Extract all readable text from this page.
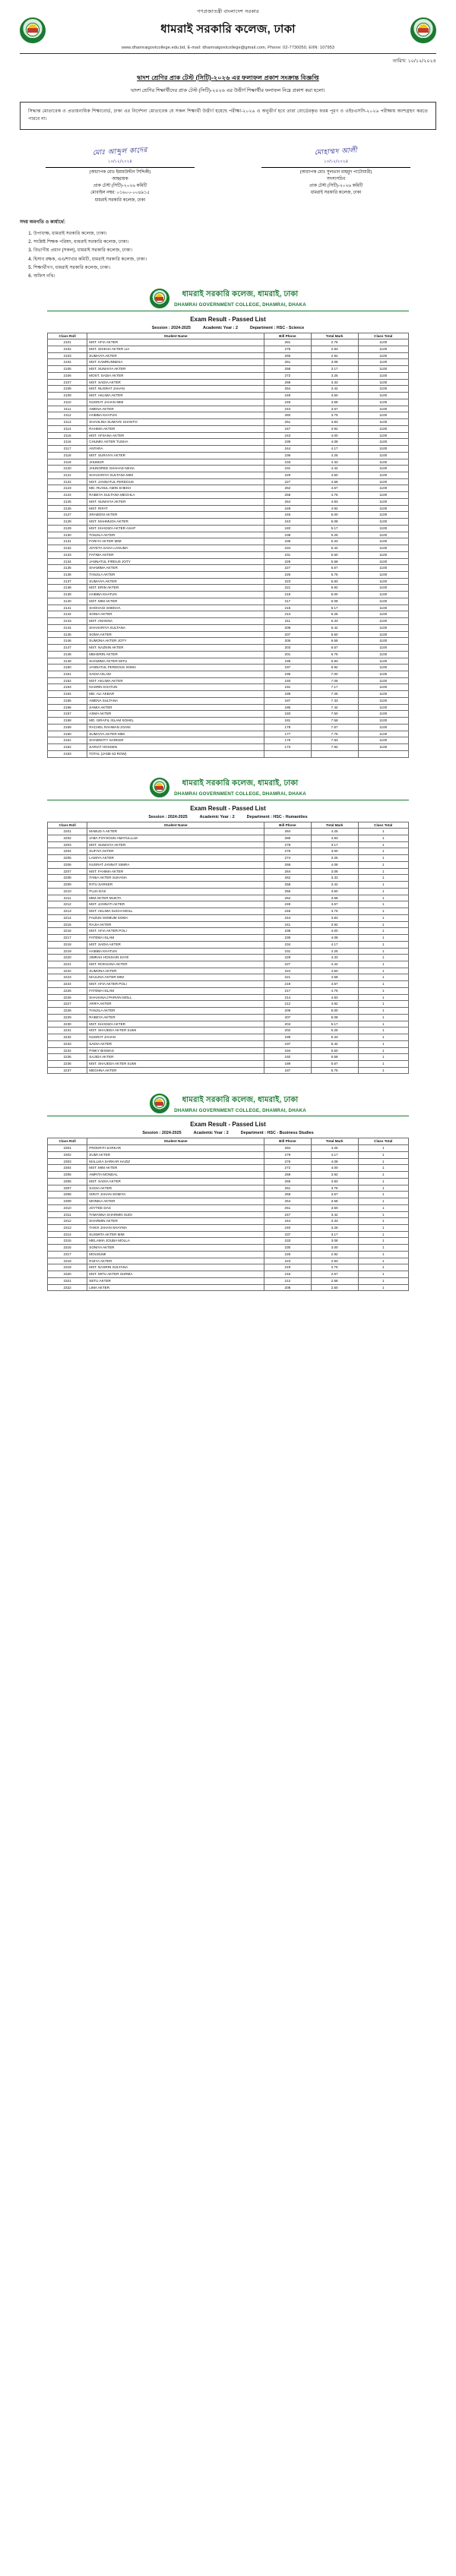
গণপ্রজাতন্ত্রী বাংলাদেশ সরকার
ধামরাই সরকারি কলেজ, ঢাকা
www.dhamraigovtcollege.edu.bd, E-mail: dhamraigovtcollege@gmail.com, Phone: 02-7730050, EIIN: 107953
তারিখ: ১০/১২/২০২৪
দ্বাদশ শ্রেণির প্রাক টেস্ট (সিটি)-২০২৬ এর ফলাফল প্রকাশ সংক্রান্ত বিজ্ঞপ্তি
দ্বাদশ শ্রেণির শিক্ষার্থীদের প্রাক টেস্ট (সিটি)-২০২৬ এর উত্তীর্ণ শিক্ষার্থীর ফলাফল নিম্নে প্রকাশ করা হলো।
সিদ্ধান্ত মোতাবেক ও প্রত্যয়নাধিক শিক্ষাবোর্ড, ঢাকা এর নির্দেশনা মোতাবেক যে সকল শিক্ষার্থী উত্তীর্ণ হয়েছে পরীক্ষা-২০২৬ এ অনুত্তীর্ণ হবে তারা বোর্ডেরকৃত ফরম পূরণ ও এইচএসসি-২০২৬ পরীক্ষায় অংশগ্রহণ করতে পারবে না।
মোঃ আব্দুল কাদের
১০/১২/২০২৪
(অধ্যাপক মোঃ ইমামউদ্দীন সিদ্দিকী)
আহ্বায়ক
প্রাক টেস্ট (সিটি)-২০২৬ কমিটি
মোবাইল নম্বর: ০১৬০০-০০৪৯১৫
ধামরাই সরকারি কলেজ, ঢাকা
মোহাম্মদ আলী
১০/১২/২০২৪
(অধ্যাপক মোঃ সুলতান মাহমুদ পাটোয়ারী)
সদস্যসচিব
প্রাক টেস্ট (সিটি)-২০২৬ কমিটি
ধামরাই সরকারি কলেজ, ঢাকা
সদয় অবগতি ও কার্যার্থে:
1. উপাধ্যক্ষ, ধামরাই সরকারি কলেজ, ঢাকা।
2. সংশ্লিষ্ট শিক্ষক পরিষদ, ধামরাই সরকারি কলেজ, ঢাকা।
3. বিভাগীয় প্রধান (সকল), ধামরাই সরকারি কলেজ, ঢাকা।
4. হিসাব রক্ষক, এএ/শাখার কমিটি, ধামরাই সরকারি কলেজ, ঢাকা।
5. শিক্ষার্থীগণ, ধামরাই সরকারি কলেজ, ঢাকা।
6. অফিস নথি।
ধামরাই সরকারি কলেজ, ধামরাই, ঢাকা
DHAMRAI GOVERNMENT COLLEGE, DHAMRAI, DHAKA
Exam Result - Passed List
Session : 2024-2025	Academic Year : 2	Department : HSC - Science
Class Roll	Student Name	Bill Phone	Total Mark	Class Total
2101	MST. AFIA AKTER	281	2.75	1100
2102	MST. SHIKHA AKTER LIA	275	2.83	1100
2103	SUMAIYA AKTER	266	2.92	1100
2104	MST. KAMRUNNESA	261	3.08	1100
2105	MST. SUMAIYA AKTER	258	3.17	1100
2106	MOST. SADIA AKTER	272	3.25	1100
2107	MST. SADIA AKTER	268	3.33	1100
2108	MST. NUSRAT JAHAN	254	3.42	1100
2109	MST. AKLIMA AKTER	249	3.50	1100
2110	NUSRAT JAHAN MIM	246	3.58	1100
2111	AMENA AKTER	243	3.67	1100
2112	HABIBA KHATUN	260	3.75	1100
2113	SHAHLINA SUMAYE SHANTO	251	3.83	1100
2114	RAHIMA AKTER	247	3.92	1100
2115	MST. AFSANA AKTER	243	4.00	1100
2116	CHUMKI AKTER TUSHA	239	4.08	1100
2117	ANTARA	244	4.17	1100
2118	MST. SURAIYA AKTER	236	4.25	1100
2119	JHUMUR	233	4.33	1100
2120	JHUNOREE SHAHAD NEHA	231	4.42	1100
2121	SHAHARIYA SULTANA MIM	229	4.50	1100
2122	MST. JANNATUL FERDOUS	227	4.58	1100
2123	MD. RUHUL AMIN SHEKH	262	4.67	1100
2124	RABEYA SULTANA MEGHLA	258	4.75	1100
2125	MST. SUMAIYA AKTER	254	4.83	1100
2126	MST. RIFAT	249	4.92	1100
2127	SRABONI AKTER	246	5.00	1100
2128	MST. MAHMUDA AKTER	243	5.08	1100
2129	MST. KHADIZA AKTER ASAP	240	5.17	1100
2130	TANJILA AKTER	238	5.25	1100
2131	FARIYA AKTER MIM	236	5.33	1100
2132	JOYETA SAHA LAHUMA	234	5.42	1100
2133	FATIMA AKTER	231	5.50	1100
2134	JANNATUL FIRDUS JOTY	229	5.58	1100
2135	SHAMIMA AKTER	227	5.67	1100
2136	TANJILA AKTER	225	5.75	1100
2137	SUMAIYA AKTER	223	5.83	1100
2138	MST. ERIN AKTER	221	5.92	1100
2139	HABIBA KHATUN	219	6.00	1100
2140	MST. MIM AKTER	217	6.08	1100
2141	SHOHAGI SHEKHA	215	6.17	1100
2142	SONIA AKTER	213	6.25	1100
2143	MST. ANANNA	211	6.33	1100
2144	SHAHARIYA SULTANA	209	6.42	1100
2145	SOMA AKTER	207	6.50	1100
2146	SUMONA AKTER JOTY	205	6.58	1100
2147	MST. NAZNIN AKTER	203	6.67	1100
2148	MEHERIN AKTER	201	6.75	1100
2149	SHAMIMA AKTER MITU	199	6.83	1100
2150	JANNATUL FERDOUS SOMA	197	6.92	1100
2151	SADIA ISLAM	195	7.00	1100
2152	MST. AKLIMA AKTER	193	7.08	1100
2153	NASRIN KHATUN	191	7.17	1100
2154	MD. ALI AKBAR	189	7.25	1100
2155	AMENA SULTANA	187	7.33	1100
2156	SAMIA AKTER	185	7.42	1100
2157	ASMA AKTER	183	7.50	1100
2158	MD. ISRAFIL ISLAM SOHEL	181	7.58	1100
2159	RACHEL RAHMAN JOANI	179	7.67	1100
2160	SUMAIYA AKTER MIM	177	7.75	1100
2161	SHABNOTY SARKER	175	7.83	1100
2162	SARIAT HOSSEN	173	7.92	1100
2163	TOTAL (JANE 63 ROW)			
ধামরাই সরকারি কলেজ, ধামরাই, ঢাকা
DHAMRAI GOVERNMENT COLLEGE, DHAMRAI, DHAKA
Exam Result - Passed List
Session : 2024-2025	Academic Year : 2	Department : HSC - Humanities
Class Roll	Student Name	Bill Phone	Total Mark	Class Total
2201	MABUD A AKTER	284	4.25	1
2202	JABA FOYSOUN AMATULLLM	286	4.83	1
2203	MST. SUMAIYA AKTER	278	3.17	1
2204	SUFIYA AKTER	276	3.00	1
2205	LAMIYA AKTER	274	3.25	1
2206	NUSRAT JANNAT SIMRA	268	4.08	1
2207	MST. FAHIMA AKTER	264	3.08	1
2208	TANIA AKTER SUHANA	262	3.33	1
2209	RITU SARKER	258	3.42	1
2210	PUJA DAS	256	3.50	1
2211	MIM AKTER MUKTA	252	3.58	1
2212	MST. JANNATI AKTER	249	3.67	1
2213	MST. AKLIMA SUCHI MOLL	246	3.75	1
2214	FAIZUN SHIMUM SOMA	244	3.83	1
2215	RAJIA AKTER	241	3.92	1
2216	MST. AFIA AKTER POLI	238	4.00	1
2217	FATEMA ISLAM	236	4.08	1
2218	MST. SADIA AKTER	234	4.17	1
2219	HABIBA KHATUN	231	4.25	1
2220	JIMRAH HOSSAIN SAYE	229	4.33	1
2221	MST. ROKSANA AKTER	227	4.42	1
2222	SUMONA AKTER	224	4.50	1
2223	MAJLINA AKTER MIM	221	4.58	1
2224	MST. AFIA AKTER POLI	219	4.67	1
2225	FATEMA ISLAM	217	4.75	1
2226	SHAHANAJ PARVIN MOLL	214	4.83	1
2227	ARIFA AKTER	212	4.92	1
2228	TANJILA AKTER	209	5.00	1
2229	RABEYA AKTER	207	5.08	1
2230	MST. KHADIZA AKTER	204	5.17	1
2231	MST. SHAJEDA AKTER SUMI	202	5.25	1
2232	NUSRAT JAHAN	199	5.33	1
2233	SADIA AKTER	197	5.42	1
2234	PINKY BISWAS	194	5.50	1
2235	SAJIDA AKTER	192	5.58	1
2236	MST. SHAJEDA AKTER SUMI	189	5.67	1
2237	MEGHNA AKTER	187	5.75	1
ধামরাই সরকারি কলেজ, ধামরাই, ঢাকা
DHAMRAI GOVERNMENT COLLEGE, DHAMRAI, DHAKA
Exam Result - Passed List
Session : 2024-2025	Academic Year : 2	Department : HSC - Business Studies
Class Roll	Student Name	Bill Phone	Total Mark	Class Total
2301	PROKRITI SARKAR	284	4.25	1
2302	SUMI AKTER	279	4.17	1
2303	MALLIKA SARKAR HAZIZ	276	4.08	1
2304	MST. MIM AKTER	272	4.00	1
2305	AMRITA MONDAL	268	3.92	1
2306	MST. SADIA AKTER	265	3.83	1
2307	SADIA AKTER	261	3.75	1
2308	ISRAT JAHAN SOMIYA	258	3.67	1
2309	MONIKA AKTER	254	3.58	1
2310	JOYTEE DAS	251	3.50	1
2311	TAMANNA SHARMIN SUDI	247	3.42	1
2312	SHARMIN AKTER	244	3.33	1
2313	TANVI JAHAN SHAYMA	240	3.25	1
2314	SUSMITA AKTER MIM	237	3.17	1
2315	MELAMIA JOUBA MOLLA	233	3.08	1
2316	SONIYA AKTER	230	3.00	1
2317	MOUSUMI	226	2.92	1
2318	RIJIYA AKTER	223	2.83	1
2319	MST. NASRIN SULTANA	219	2.75	1
2320	MST. MITU AKTER SURMA	216	2.67	1
2321	SETU AKTER	212	2.58	1
2322	LIMA AKTER	208	2.50	1
